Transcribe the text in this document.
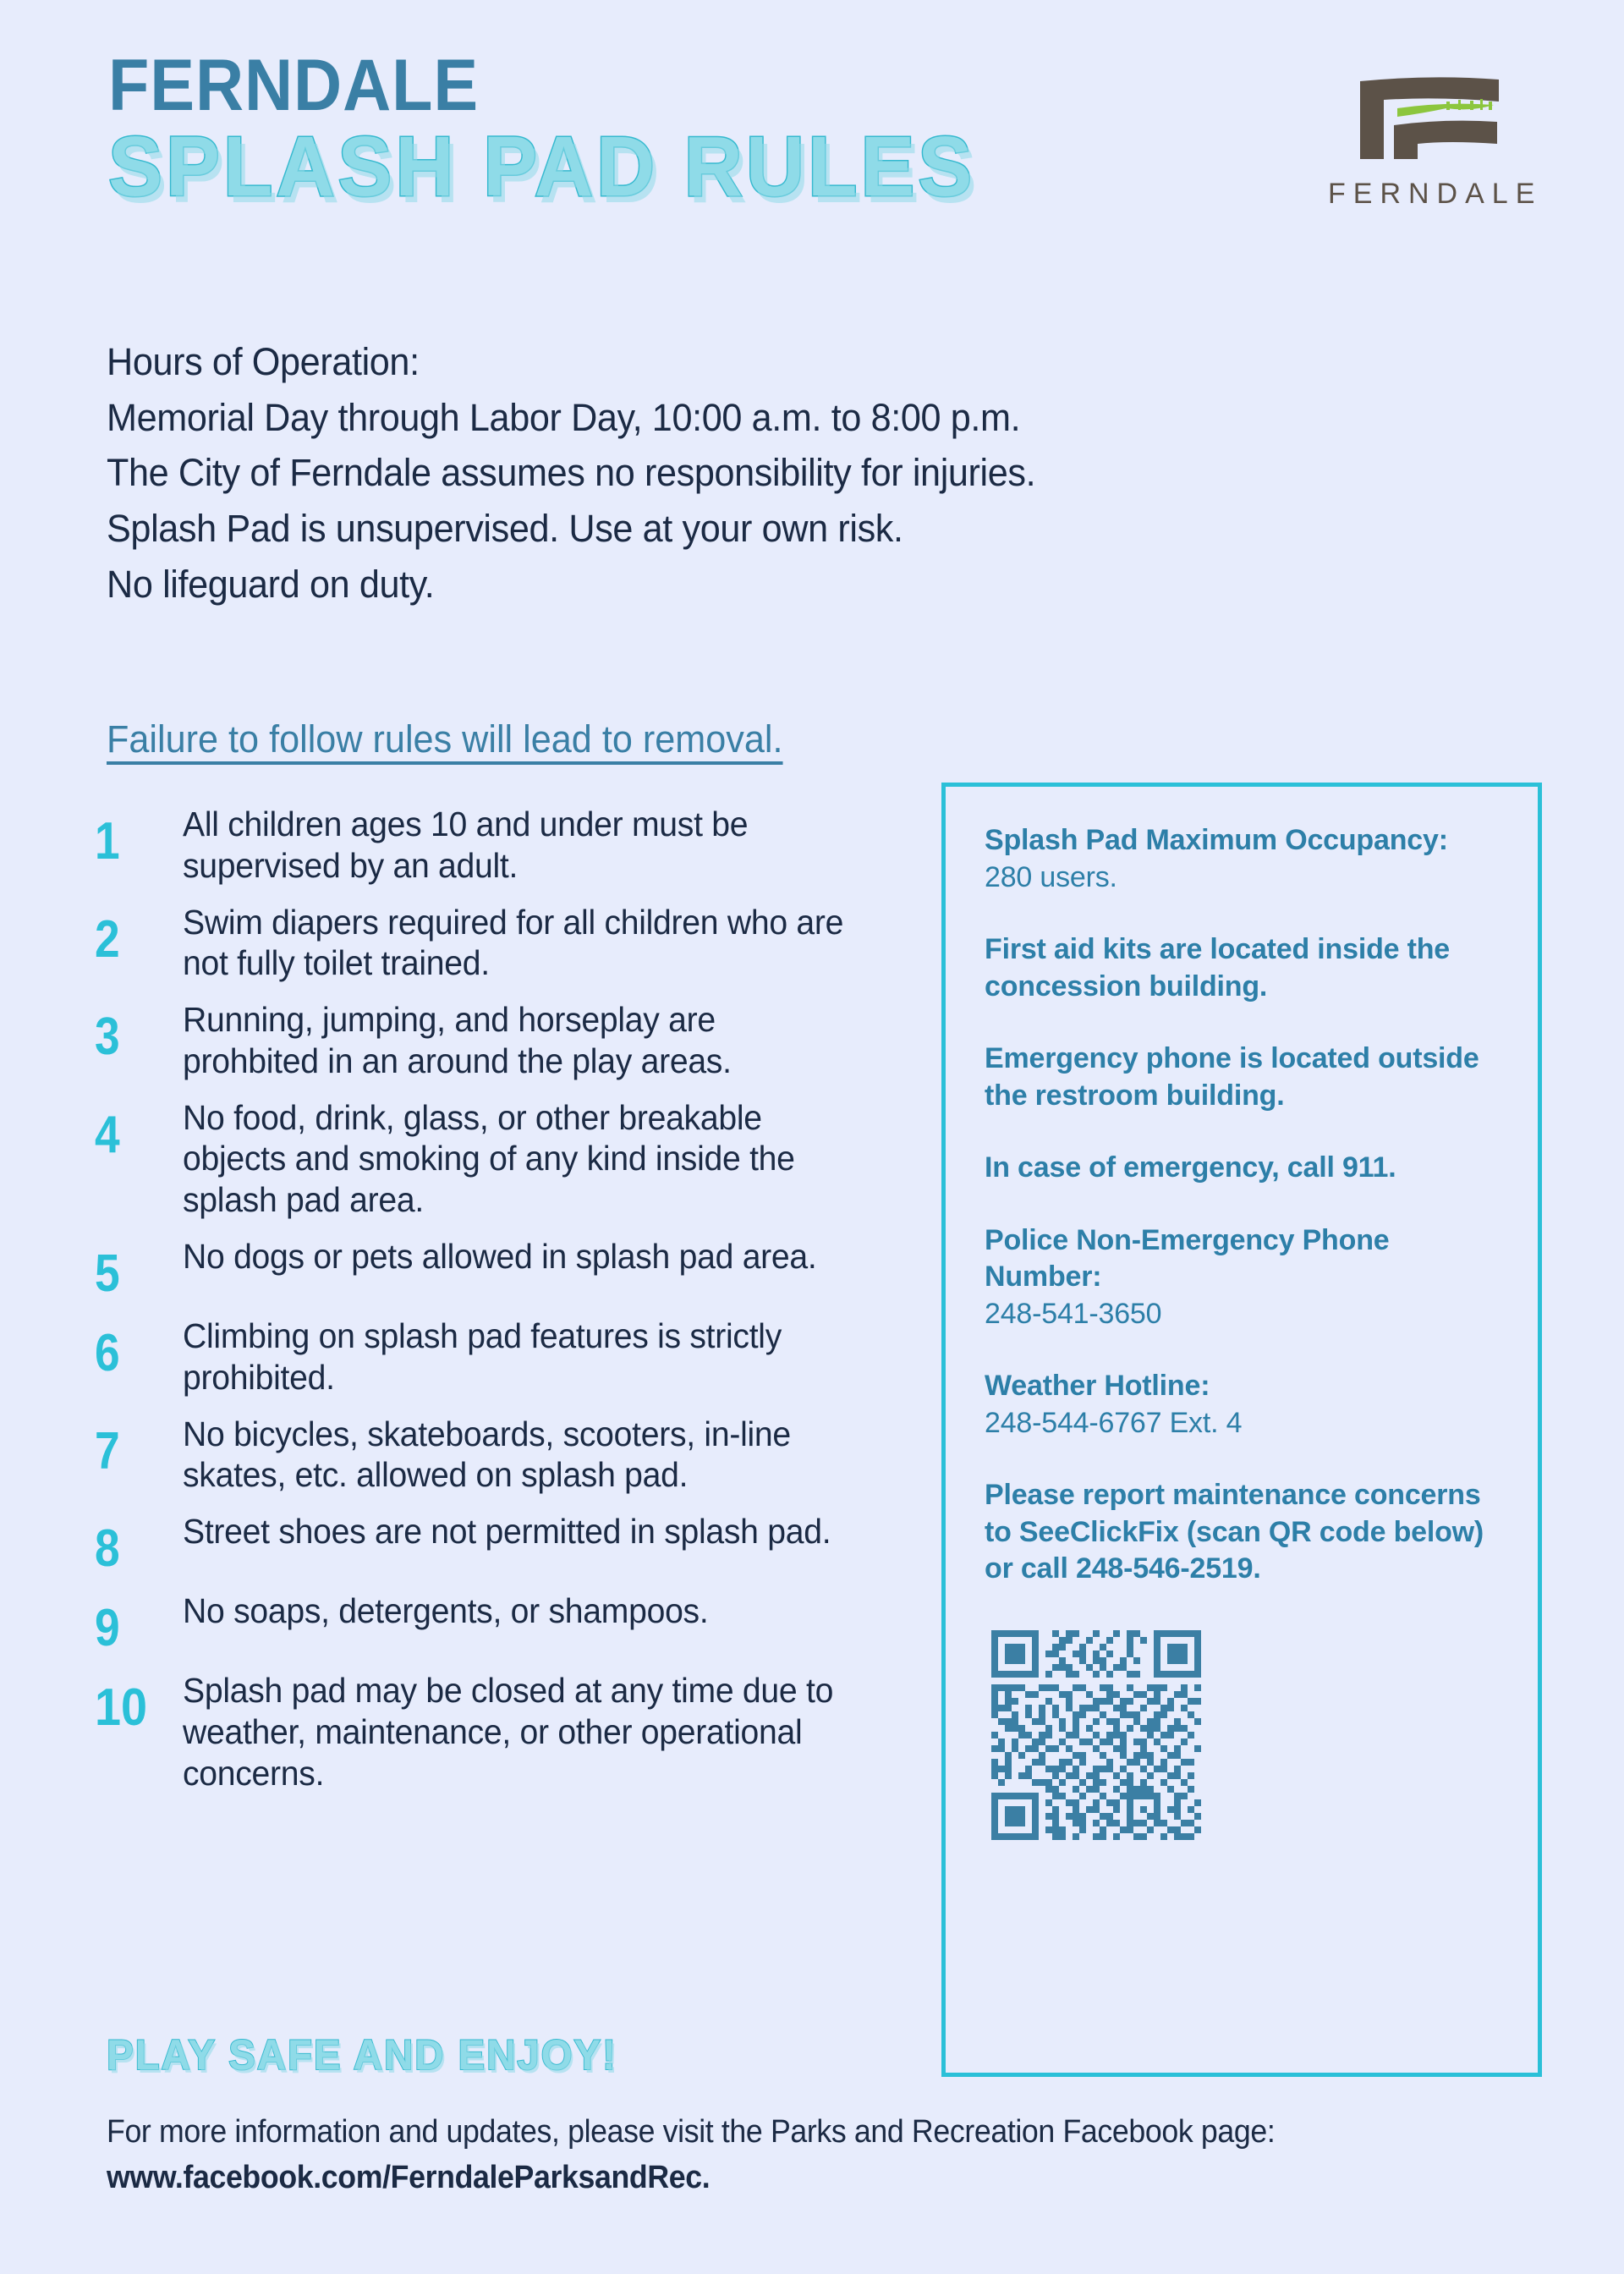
FERNDALE
SPLASH PAD RULES	FERNDALE

Hours of Operation:

Memorial Day through Labor Day, 10:00 a.m. to 8:00 p.m.

The City of Ferndale assumes no responsibility for injuries.

Splash Pad is unsupervised. Use at your own risk.

No lifeguard on duty.

Failure to follow rules will lead to removal.
1	All children ages 10 and under must be supervised by an adult.
2	Swim diapers required for all children who are not fully toilet trained.
3	Running, jumping, and horseplay are prohbited in an around the play areas.
4	No food, drink, glass, or other breakable objects and smoking of any kind inside the splash pad area.
5	No dogs or pets allowed in splash pad area.
6	Climbing on splash pad features is strictly prohibited.
7	No bicycles, skateboards, scooters, in-line skates, etc. allowed on splash pad.
8	Street shoes are not permitted in splash pad.
9	No soaps, detergents, or shampoos.
10	Splash pad may be closed at any time due to weather, maintenance, or other operational concerns.
PLAY SAFE AND ENJOY!

Splash Pad Maximum Occupancy: 280 users.

First aid kits are located inside the concession building.

Emergency phone is located outside the restroom building.

In case of emergency, call 911.

Police Non-Emergency Phone Number:
248-541-3650

Weather Hotline:
248-544-6767 Ext. 4

Please report maintenance concerns to SeeClickFix (scan QR code below) or call 248-546-2519.

For more information and updates, please visit the Parks and Recreation Facebook page:

www.facebook.com/FerndaleParksandRec.
